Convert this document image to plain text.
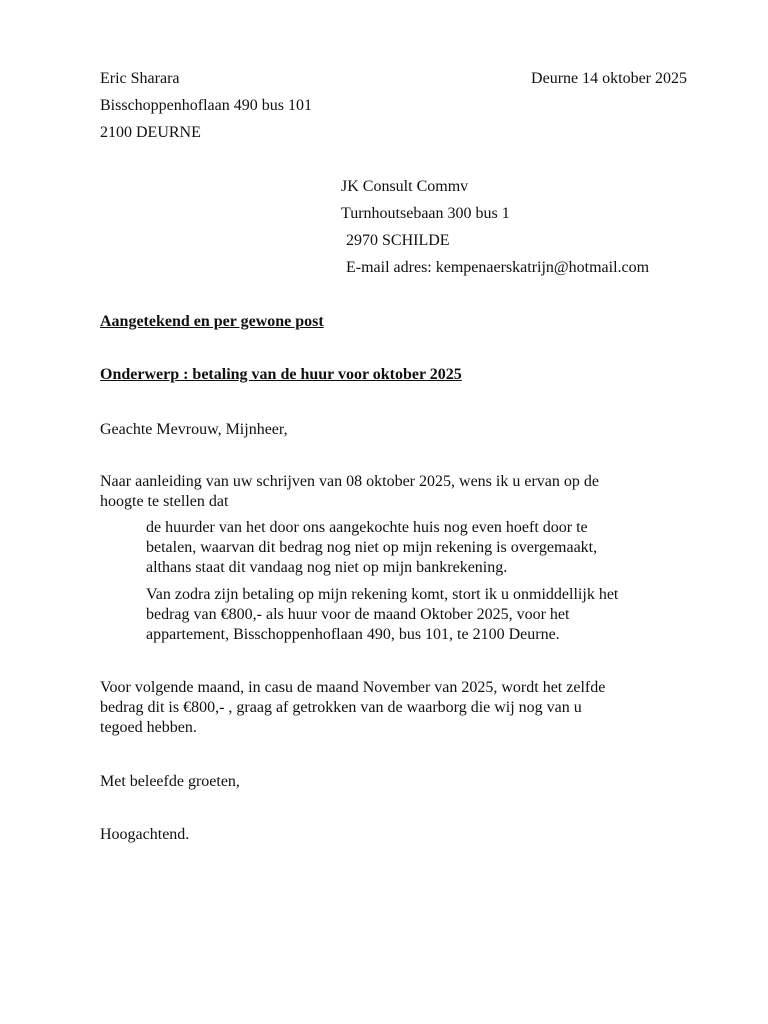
Eric Sharara
Bisschoppenhoflaan 490 bus 101
2100 DEURNE
Deurne 14 oktober 2025
JK Consult Commv
Turnhoutsebaan 300 bus 1
2970 SCHILDE
E-mail adres: kempenaerskatrijn@hotmail.com
Aangetekend en per gewone post
Onderwerp : betaling van de huur voor oktober 2025
Geachte Mevrouw, Mijnheer,
Naar aanleiding van uw schrijven van 08 oktober 2025, wens ik u ervan op de
hoogte te stellen dat
de huurder van het door ons aangekochte huis nog even hoeft door te
betalen, waarvan dit bedrag nog niet op mijn rekening is overgemaakt,
althans staat dit vandaag nog niet op mijn bankrekening.
Van zodra zijn betaling op mijn rekening komt, stort ik u onmiddellijk het
bedrag van €800,- als huur voor de maand Oktober 2025, voor het
appartement, Bisschoppenhoflaan 490, bus 101, te 2100 Deurne.
Voor volgende maand, in casu de maand November van 2025, wordt het zelfde
bedrag dit is €800,- , graag af getrokken van de waarborg die wij nog van u
tegoed hebben.
Met beleefde groeten,
Hoogachtend.
